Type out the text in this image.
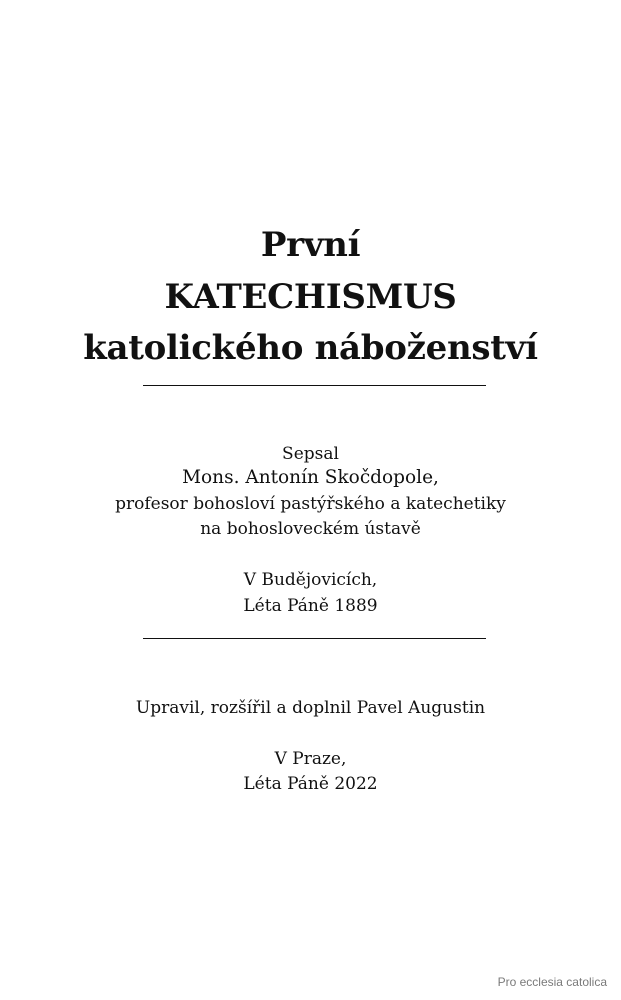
První
KATECHISMUS
katolického náboženství
Sepsal
Mons. Antonín Skočdopole,
profesor bohosloví pastýřského a katechetiky
na bohosloveckém ústavě
V Budějovicích,
Léta Páně 1889
Upravil, rozšířil a doplnil Pavel Augustin
V Praze,
Léta Páně 2022
Pro ecclesia catolica
